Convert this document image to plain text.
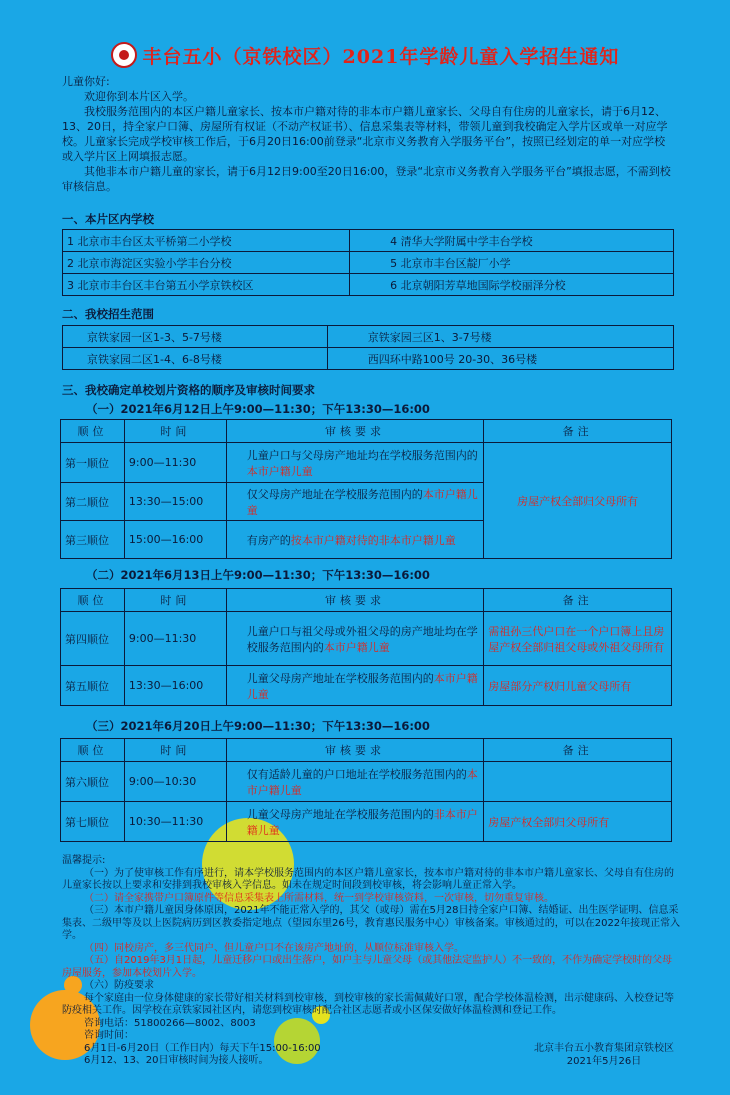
丰台五小（京铁校区）2021年学龄儿童入学招生通知

儿童你好:

欢迎你到本片区入学。

我校服务范围内的本区户籍儿童家长、按本市户籍对待的非本市户籍儿童家长、父母自有住房的儿童家长，请于6月12、13、20日，持全家户口簿、房屋所有权证（不动产权证书）、信息采集表等材料，带领儿童到我校确定入学片区或单一对应学校。儿童家长完成学校审核工作后，于6月20日16:00前登录“北京市义务教育入学服务平台”，按照已经划定的单一对应学校或入学片区上网填报志愿。

其他非本市户籍儿童的家长，请于6月12日9:00至20日16:00，登录“北京市义务教育入学服务平台”填报志愿，不需到校审核信息。

一、本片区内学校
1 北京市丰台区太平桥第二小学校	4 清华大学附属中学丰台学校
2 北京市海淀区实验小学丰台分校	5 北京市丰台区靛厂小学
3 北京市丰台区丰台第五小学京铁校区	6 北京朝阳芳草地国际学校丽泽分校
二、我校招生范围
京铁家园一区1-3、5-7号楼	京铁家园三区1、3-7号楼
京铁家园二区1-4、6-8号楼	西四环中路100号 20-30、36号楼
三、我校确定单校划片资格的顺序及审核时间要求
（一）2021年6月12日上午9:00—11:30；下午13:30—16:00
顺位	时间	审核要求	备注
第一顺位	9:00—11:30	儿童户口与父母房产地址均在学校服务范围内的本市户籍儿童	房屋产权全部归父母所有
第二顺位	13:30—15:00	仅父母房产地址在学校服务范围内的本市户籍儿童	
第三顺位	15:00—16:00	有房产的按本市户籍对待的非本市户籍儿童	
（二）2021年6月13日上午9:00—11:30；下午13:30—16:00
顺位	时间	审核要求	备注
第四顺位	9:00—11:30	儿童户口与祖父母或外祖父母的房产地址均在学校服务范围内的本市户籍儿童	需祖孙三代户口在一个户口簿上且房屋产权全部归祖父母或外祖父母所有
第五顺位	13:30—16:00	儿童父母房产地址在学校服务范围内的本市户籍儿童	房屋部分产权归儿童父母所有
（三）2021年6月20日上午9:00—11:30；下午13:30—16:00
顺位	时间	审核要求	备注
第六顺位	9:00—10:30	仅有适龄儿童的户口地址在学校服务范围内的本市户籍儿童	
第七顺位	10:30—11:30	儿童父母房产地址在学校服务范围内的非本市户籍儿童	房屋产权全部归父母所有

温馨提示:

（一）为了使审核工作有序进行，请本学校服务范围内的本区户籍儿童家长，按本市户籍对待的非本市户籍儿童家长、父母自有住房的儿童家长按以上要求和安排到我校审核入学信息。如未在规定时间段到校审核，将会影响儿童正常入学。

（二）请全家携带户口簿原件等信息采集表上所需材料，统一到学校审核资料，一次审核，切勿重复审核。

（三）本市户籍儿童因身体原因，2021年不能正常入学的，其父（或母）需在5月28日持全家户口簿、结婚证、出生医学证明、信息采集表、二级甲等及以上医院病历到区教委指定地点（望园东里26号，教育惠民服务中心）审核备案。审核通过的，可以在2022年接现正常入学。

（四）同校房产，多三代同户、但儿童户口不在该房产地址的，从顺位标准审核入学。

（五）自2019年3月1日起，儿童迁移户口或出生落户，如户主与儿童父母（或其他法定监护人）不一致的，不作为确定学校时的父母房屋服务，参加本校划片入学。

（六）防疫要求

每个家庭由一位身体健康的家长带好相关材料到校审核，到校审核的家长需佩戴好口罩，配合学校体温检测，出示健康码、入校登记等防疫相关工作。因学校在京铁家园社区内，请您到校审核时配合社区志愿者或小区保安做好体温检测和登记工作。

咨询电话：51800266—8002、8003

咨询时间：

6月1日-6月20日（工作日内）每天下午15:00-16:00

6月12、13、20日审核时间为接人接听。

北京丰台五小教育集团京铁校区
2021年5月26日
